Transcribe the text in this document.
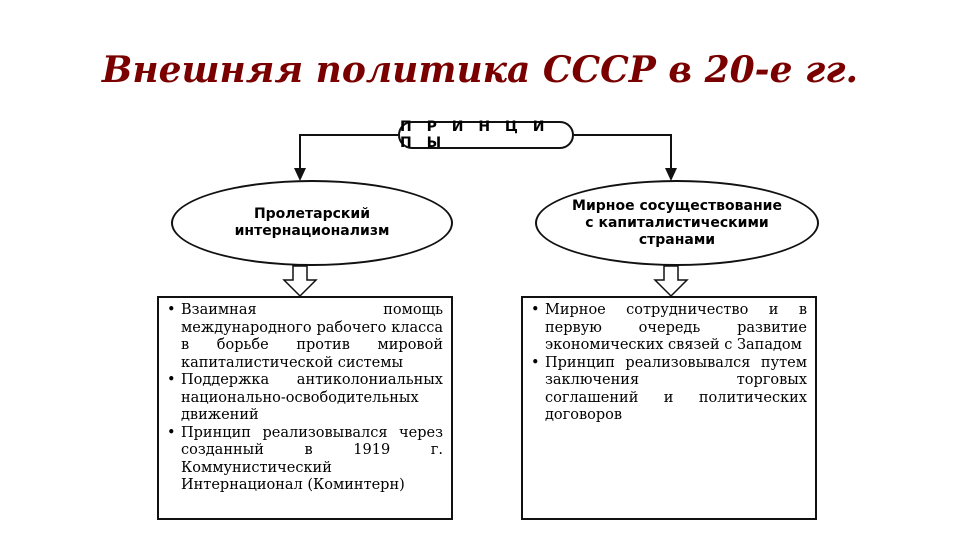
Внешняя политика СССР в 20-е гг.
П Р И Н Ц И П Ы
Пролетарский
интернационализм
Мирное сосуществование
с капиталистическими
странами
• Взаимная помощь международного рабочего класса в борьбе против мировой капиталистической системы
• Поддержка антиколониальных национально-освободительных движений
• Принцип реализовывался через созданный в 1919 г. Коммунистический Интернационал (Коминтерн)
• Мирное сотрудничество и в первую очередь развитие экономических связей с Западом
• Принцип реализовывался путем заключения торговых соглашений и политических договоров
